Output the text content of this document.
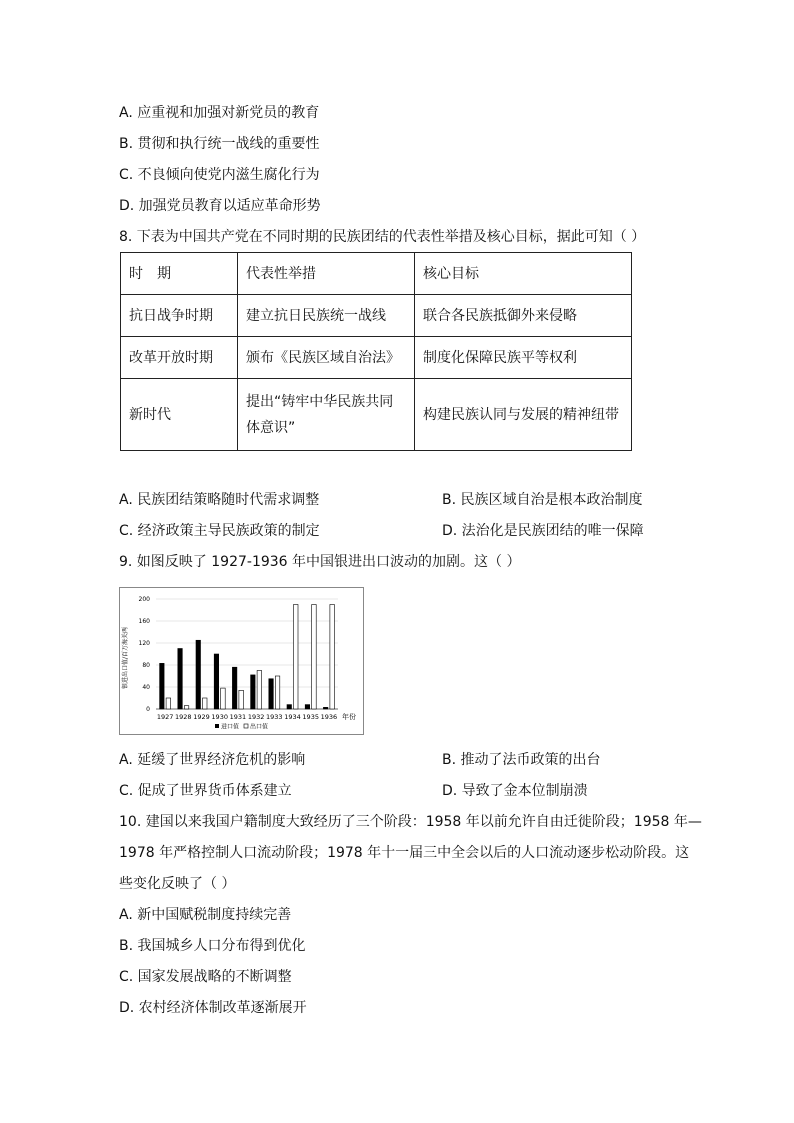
A. 应重视和加强对新党员的教育
B. 贯彻和执行统一战线的重要性
C. 不良倾向使党内滋生腐化行为
D. 加强党员教育以适应革命形势
8. 下表为中国共产党在不同时期的民族团结的代表性举措及核心目标，据此可知（ ）
时　期	代表性举措	核心目标
抗日战争时期	建立抗日民族统一战线	联合各民族抵御外来侵略
改革开放时期	颁布《民族区域自治法》	制度化保障民族平等权利
新时代	提出“铸牢中华民族共同体意识”	构建民族认同与发展的精神纽带
A. 民族团结策略随时代需求调整	B. 民族区域自治是根本政治制度
C. 经济政策主导民族政策的制定	D. 法治化是民族团结的唯一保障
9. 如图反映了 1927-1936 年中国银进出口波动的加剧。这（ ）
0
40
80
120
160
200
1927 1928 1929 1930 1931 1932 1933 1934 1935 1936
银进出口值/百万海关两
年份
进口值 出口值
A. 延缓了世界经济危机的影响	B. 推动了法币政策的出台
C. 促成了世界货币体系建立	D. 导致了金本位制崩溃
10. 建国以来我国户籍制度大致经历了三个阶段：1958 年以前允许自由迁徙阶段；1958 年—
1978 年严格控制人口流动阶段；1978 年十一届三中全会以后的人口流动逐步松动阶段。这
些变化反映了（ ）
A. 新中国赋税制度持续完善
B. 我国城乡人口分布得到优化
C. 国家发展战略的不断调整
D. 农村经济体制改革逐渐展开
